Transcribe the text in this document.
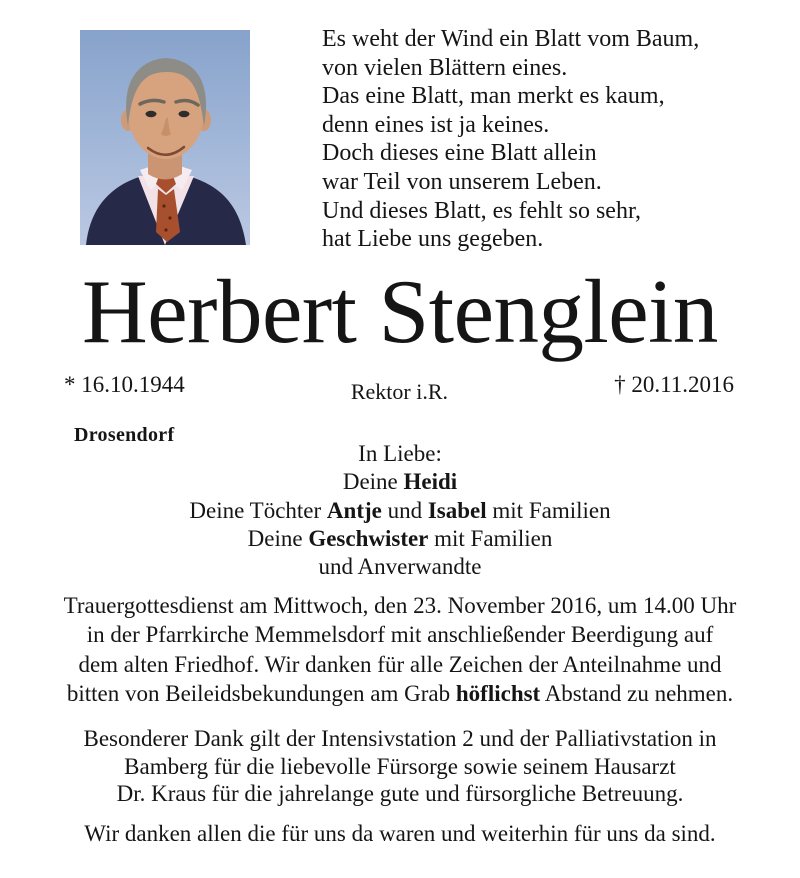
Es weht der Wind ein Blatt vom Baum,
von vielen Blättern eines.
Das eine Blatt, man merkt es kaum,
denn eines ist ja keines.
Doch dieses eine Blatt allein
war Teil von unserem Leben.
Und dieses Blatt, es fehlt so sehr,
hat Liebe uns gegeben.
Herbert Stenglein
* 16.10.1944	Rektor i.R.	† 20.11.2016
Drosendorf
In Liebe:
Deine Heidi
Deine Töchter Antje und Isabel mit Familien
Deine Geschwister mit Familien
und Anverwandte
Trauergottesdienst am Mittwoch, den 23. November 2016, um 14.00 Uhr
in der Pfarrkirche Memmelsdorf mit anschließender Beerdigung auf
dem alten Friedhof. Wir danken für alle Zeichen der Anteilnahme und
bitten von Beileidsbekundungen am Grab höflichst Abstand zu nehmen.
Besonderer Dank gilt der Intensivstation 2 und der Palliativstation in
Bamberg für die liebevolle Fürsorge sowie seinem Hausarzt
Dr. Kraus für die jahrelange gute und fürsorgliche Betreuung.
Wir danken allen die für uns da waren und weiterhin für uns da sind.
